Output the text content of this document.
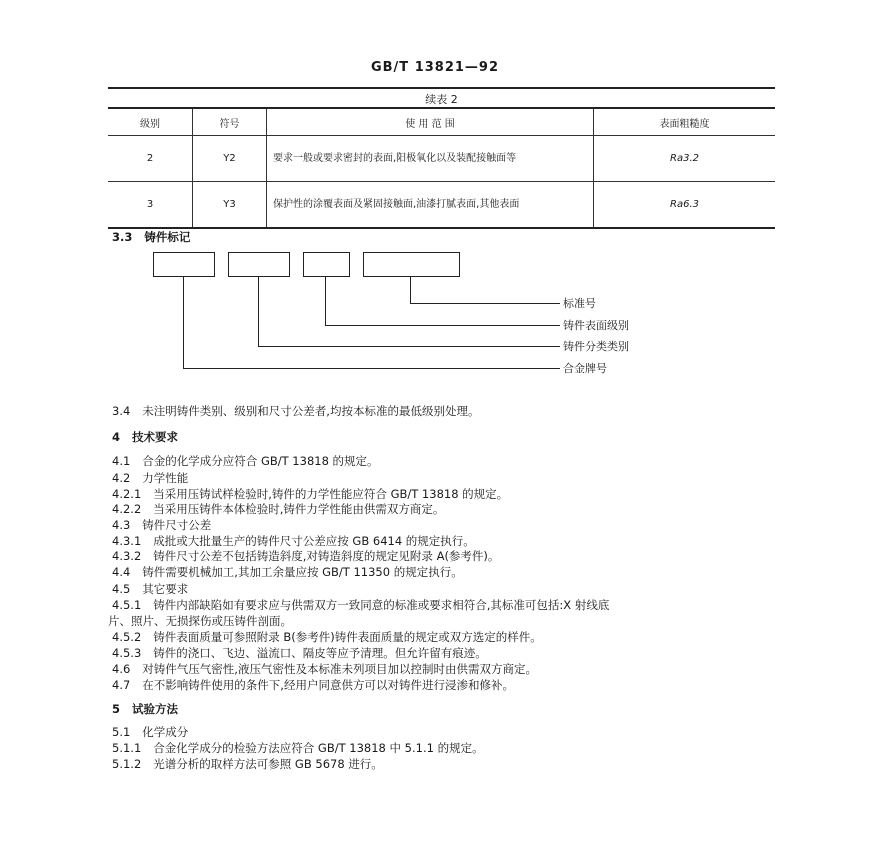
GB/T 13821—92
续表 2
级别	符号	使 用 范 围	表面粗糙度
2	Y2	要求一般或要求密封的表面,阳极氧化以及装配接触面等	Ra3.2
3	Y3	保护性的涂覆表面及紧固接触面,油漆打腻表面,其他表面	Ra6.3
3.3 铸件标记
标准号
铸件表面级别
铸件分类类别
合金牌号
3.4 未注明铸件类别、级别和尺寸公差者,均按本标准的最低级别处理。
4 技术要求
4.1 合金的化学成分应符合 GB/T 13818 的规定。
4.2 力学性能
4.2.1 当采用压铸试样检验时,铸件的力学性能应符合 GB/T 13818 的规定。
4.2.2 当采用压铸件本体检验时,铸件力学性能由供需双方商定。
4.3 铸件尺寸公差
4.3.1 成批或大批量生产的铸件尺寸公差应按 GB 6414 的规定执行。
4.3.2 铸件尺寸公差不包括铸造斜度,对铸造斜度的规定见附录 A(参考件)。
4.4 铸件需要机械加工,其加工余量应按 GB/T 11350 的规定执行。
4.5 其它要求
4.5.1 铸件内部缺陷如有要求应与供需双方一致同意的标准或要求相符合,其标准可包括:X 射线底
片、照片、无损探伤或压铸件剖面。
4.5.2 铸件表面质量可参照附录 B(参考件)铸件表面质量的规定或双方选定的样件。
4.5.3 铸件的浇口、飞边、溢流口、隔皮等应予清理。但允许留有痕迹。
4.6 对铸件气压气密性,液压气密性及本标准未列项目加以控制时由供需双方商定。
4.7 在不影响铸件使用的条件下,经用户同意供方可以对铸件进行浸渗和修补。
5 试验方法
5.1 化学成分
5.1.1 合金化学成分的检验方法应符合 GB/T 13818 中 5.1.1 的规定。
5.1.2 光谱分析的取样方法可参照 GB 5678 进行。
